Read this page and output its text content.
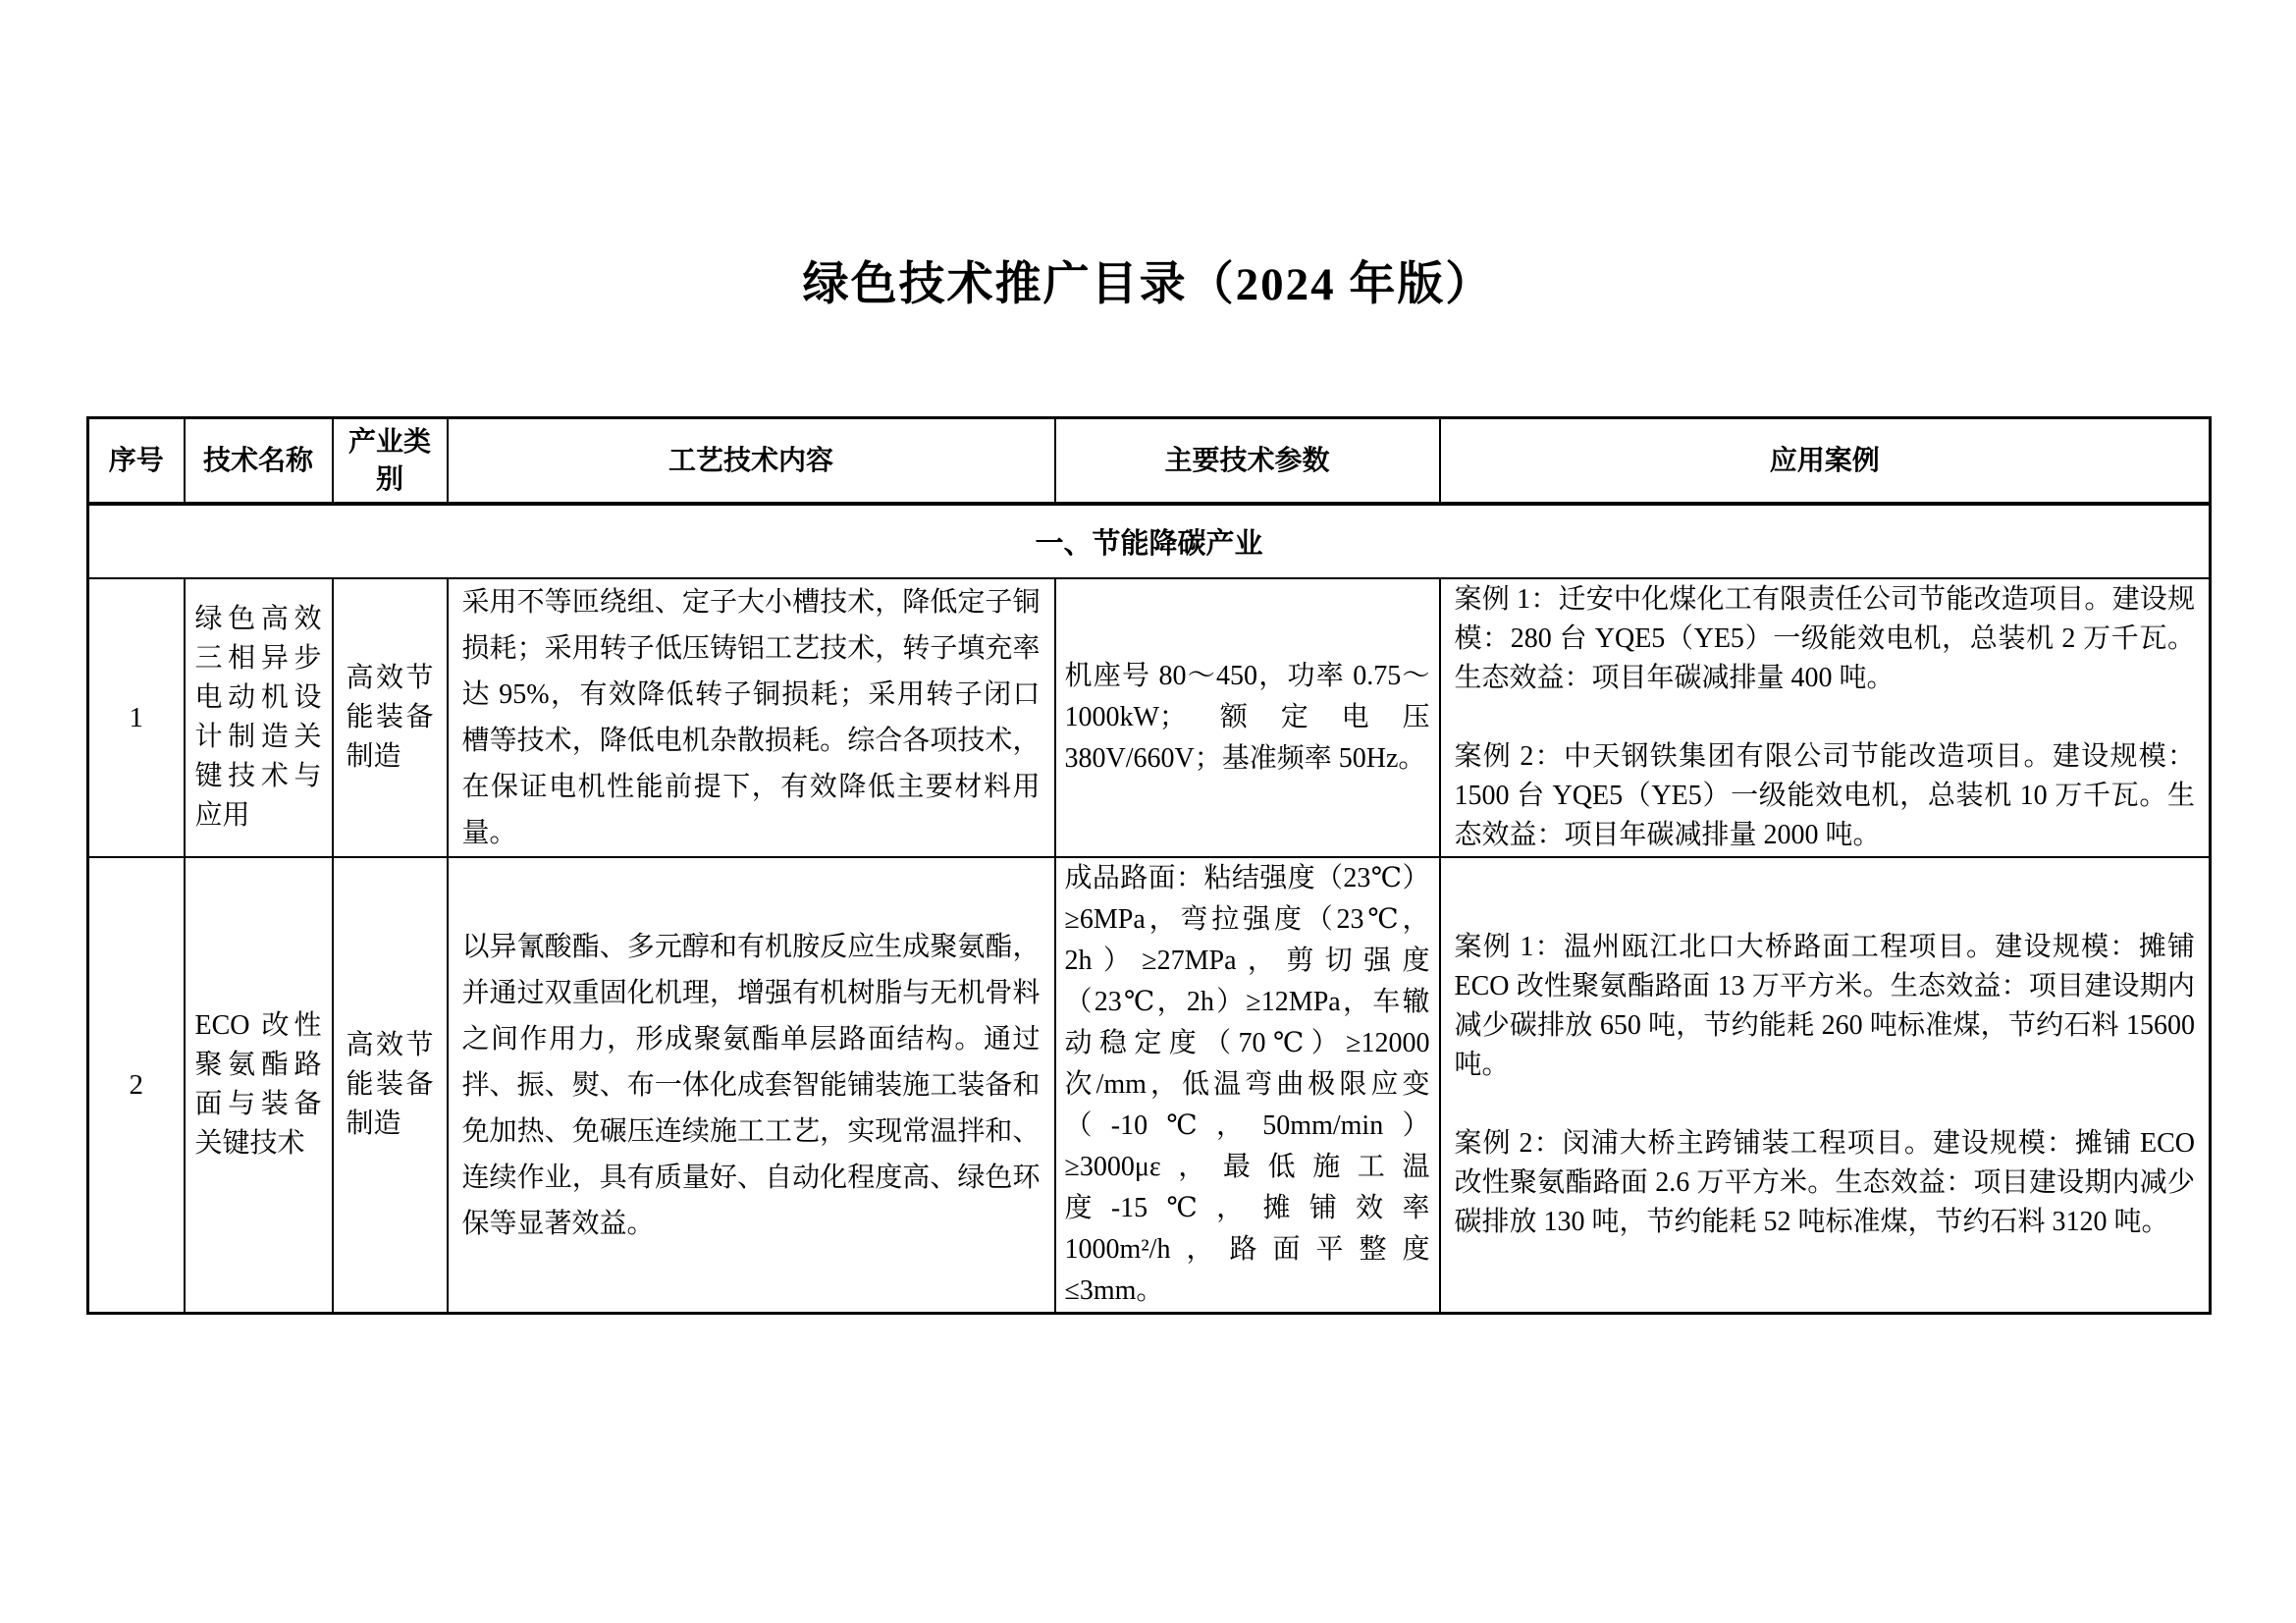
绿色技术推广目录（2024 年版）
序号	技术名称	产业类别	工艺技术内容	主要技术参数	应用案例
一、节能降碳产业					
1	绿色高效三相异步电动机设计制造关键技术与应用	高效节能装备制造	采用不等匝绕组、定子大小槽技术，降低定子铜损耗；采用转子低压铸铝工艺技术，转子填充率达 95%，有效降低转子铜损耗；采用转子闭口槽等技术，降低电机杂散损耗。综合各项技术，在保证电机性能前提下，有效降低主要材料用量。	机座号 80～450，功率 0.75～1000kW；额定电压 380V/660V；基准频率 50Hz。	案例 1：迁安中化煤化工有限责任公司节能改造项目。建设规模：280 台 YQE5（YE5）一级能效电机，总装机 2 万千瓦。生态效益：项目年碳减排量 400 吨。

案例 2：中天钢铁集团有限公司节能改造项目。建设规模：1500 台 YQE5（YE5）一级能效电机，总装机 10 万千瓦。生态效益：项目年碳减排量 2000 吨。

2	ECO 改性聚氨酯路面与装备关键技术	高效节能装备制造	以异氰酸酯、多元醇和有机胺反应生成聚氨酯，并通过双重固化机理，增强有机树脂与无机骨料之间作用力，形成聚氨酯单层路面结构。通过拌、振、熨、布一体化成套智能铺装施工装备和免加热、免碾压连续施工工艺，实现常温拌和、连续作业，具有质量好、自动化程度高、绿色环保等显著效益。	成品路面：粘结强度（23℃）≥6MPa，弯拉强度（23℃，2h）≥27MPa，剪切强度（23℃，2h）≥12MPa，车辙动稳定度（70℃）≥12000 次/mm，低温弯曲极限应变（-10℃，50mm/min）≥3000με，最低施工温度-15℃，摊铺效率 1000m²/h，路面平整度≤3mm。	案例 1：温州瓯江北口大桥路面工程项目。建设规模：摊铺 ECO 改性聚氨酯路面 13 万平方米。生态效益：项目建设期内减少碳排放 650 吨，节约能耗 260 吨标准煤，节约石料 15600 吨。

案例 2：闵浦大桥主跨铺装工程项目。建设规模：摊铺 ECO 改性聚氨酯路面 2.6 万平方米。生态效益：项目建设期内减少碳排放 130 吨，节约能耗 52 吨标准煤，节约石料 3120 吨。
